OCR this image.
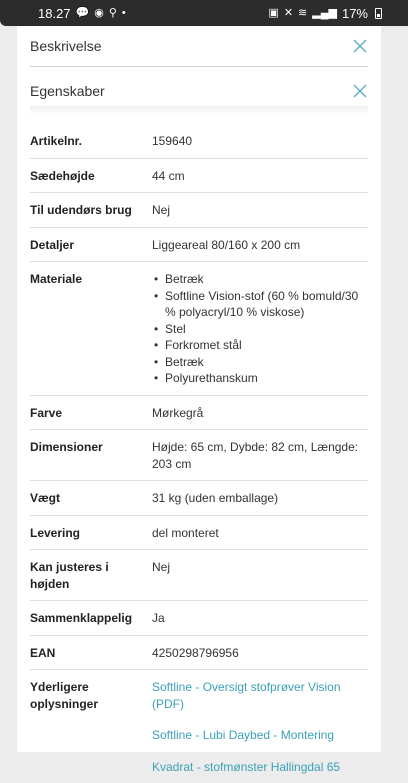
18.27 💬 ◉ ⚲ •	▣ ✕ ≋ ▂▄▆ 17%
Beskrivelse
Egenskaber
Artikelnr.	159640
Sædehøjde	44 cm
Til udendørs brug	Nej
Detaljer	Liggeareal 80/160 x 200 cm
Materiale
•	Betræk
• Softline Vision-stof (60 % bomuld/30 % polyacryl/10 % viskose)
• Stel
• Forkromet stål
• Betræk
• Polyurethanskum
Farve	Mørkegrå
Dimensioner	Højde: 65 cm, Dybde: 82 cm, Længde: 203 cm
Vægt	31 kg (uden emballage)
Levering	del monteret
Kan justeres i højden
Nej
Sammenklappelig	Ja
EAN	4250298796956
Yderligere oplysninger
Softline - Oversigt stofprøver Vision (PDF)
Softline - Lubi Daybed - Montering
Kvadrat - stofmønster Hallingdal 65
